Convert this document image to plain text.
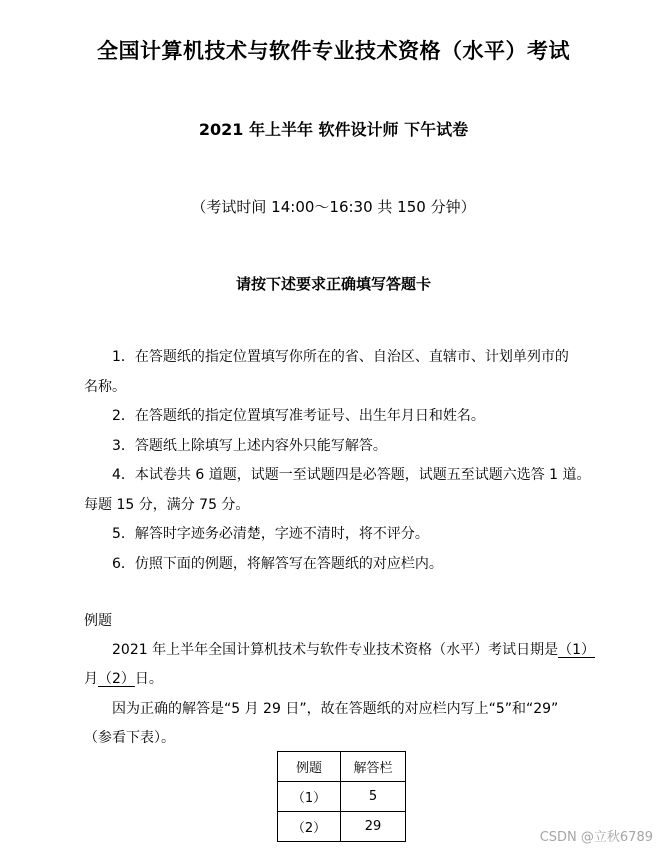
全国计算机技术与软件专业技术资格（水平）考试
2021 年上半年 软件设计师 下午试卷
（考试时间 14:00～16:30 共 150 分钟）
请按下述要求正确填写答题卡
1．在答题纸的指定位置填写你所在的省、自治区、直辖市、计划单列市的
名称。
2．在答题纸的指定位置填写准考证号、出生年月日和姓名。
3．答题纸上除填写上述内容外只能写解答。
4．本试卷共 6 道题，试题一至试题四是必答题，试题五至试题六选答 1 道。
每题 15 分，满分 75 分。
5．解答时字迹务必清楚，字迹不清时，将不评分。
6．仿照下面的例题，将解答写在答题纸的对应栏内。
例题
2021 年上半年全国计算机技术与软件专业技术资格（水平）考试日期是（1）
月（2）日。
因为正确的解答是“5 月 29 日”，故在答题纸的对应栏内写上“5”和“29”
（参看下表）。
例题	解答栏
（1）	5
（2）	29
CSDN @立秋6789
